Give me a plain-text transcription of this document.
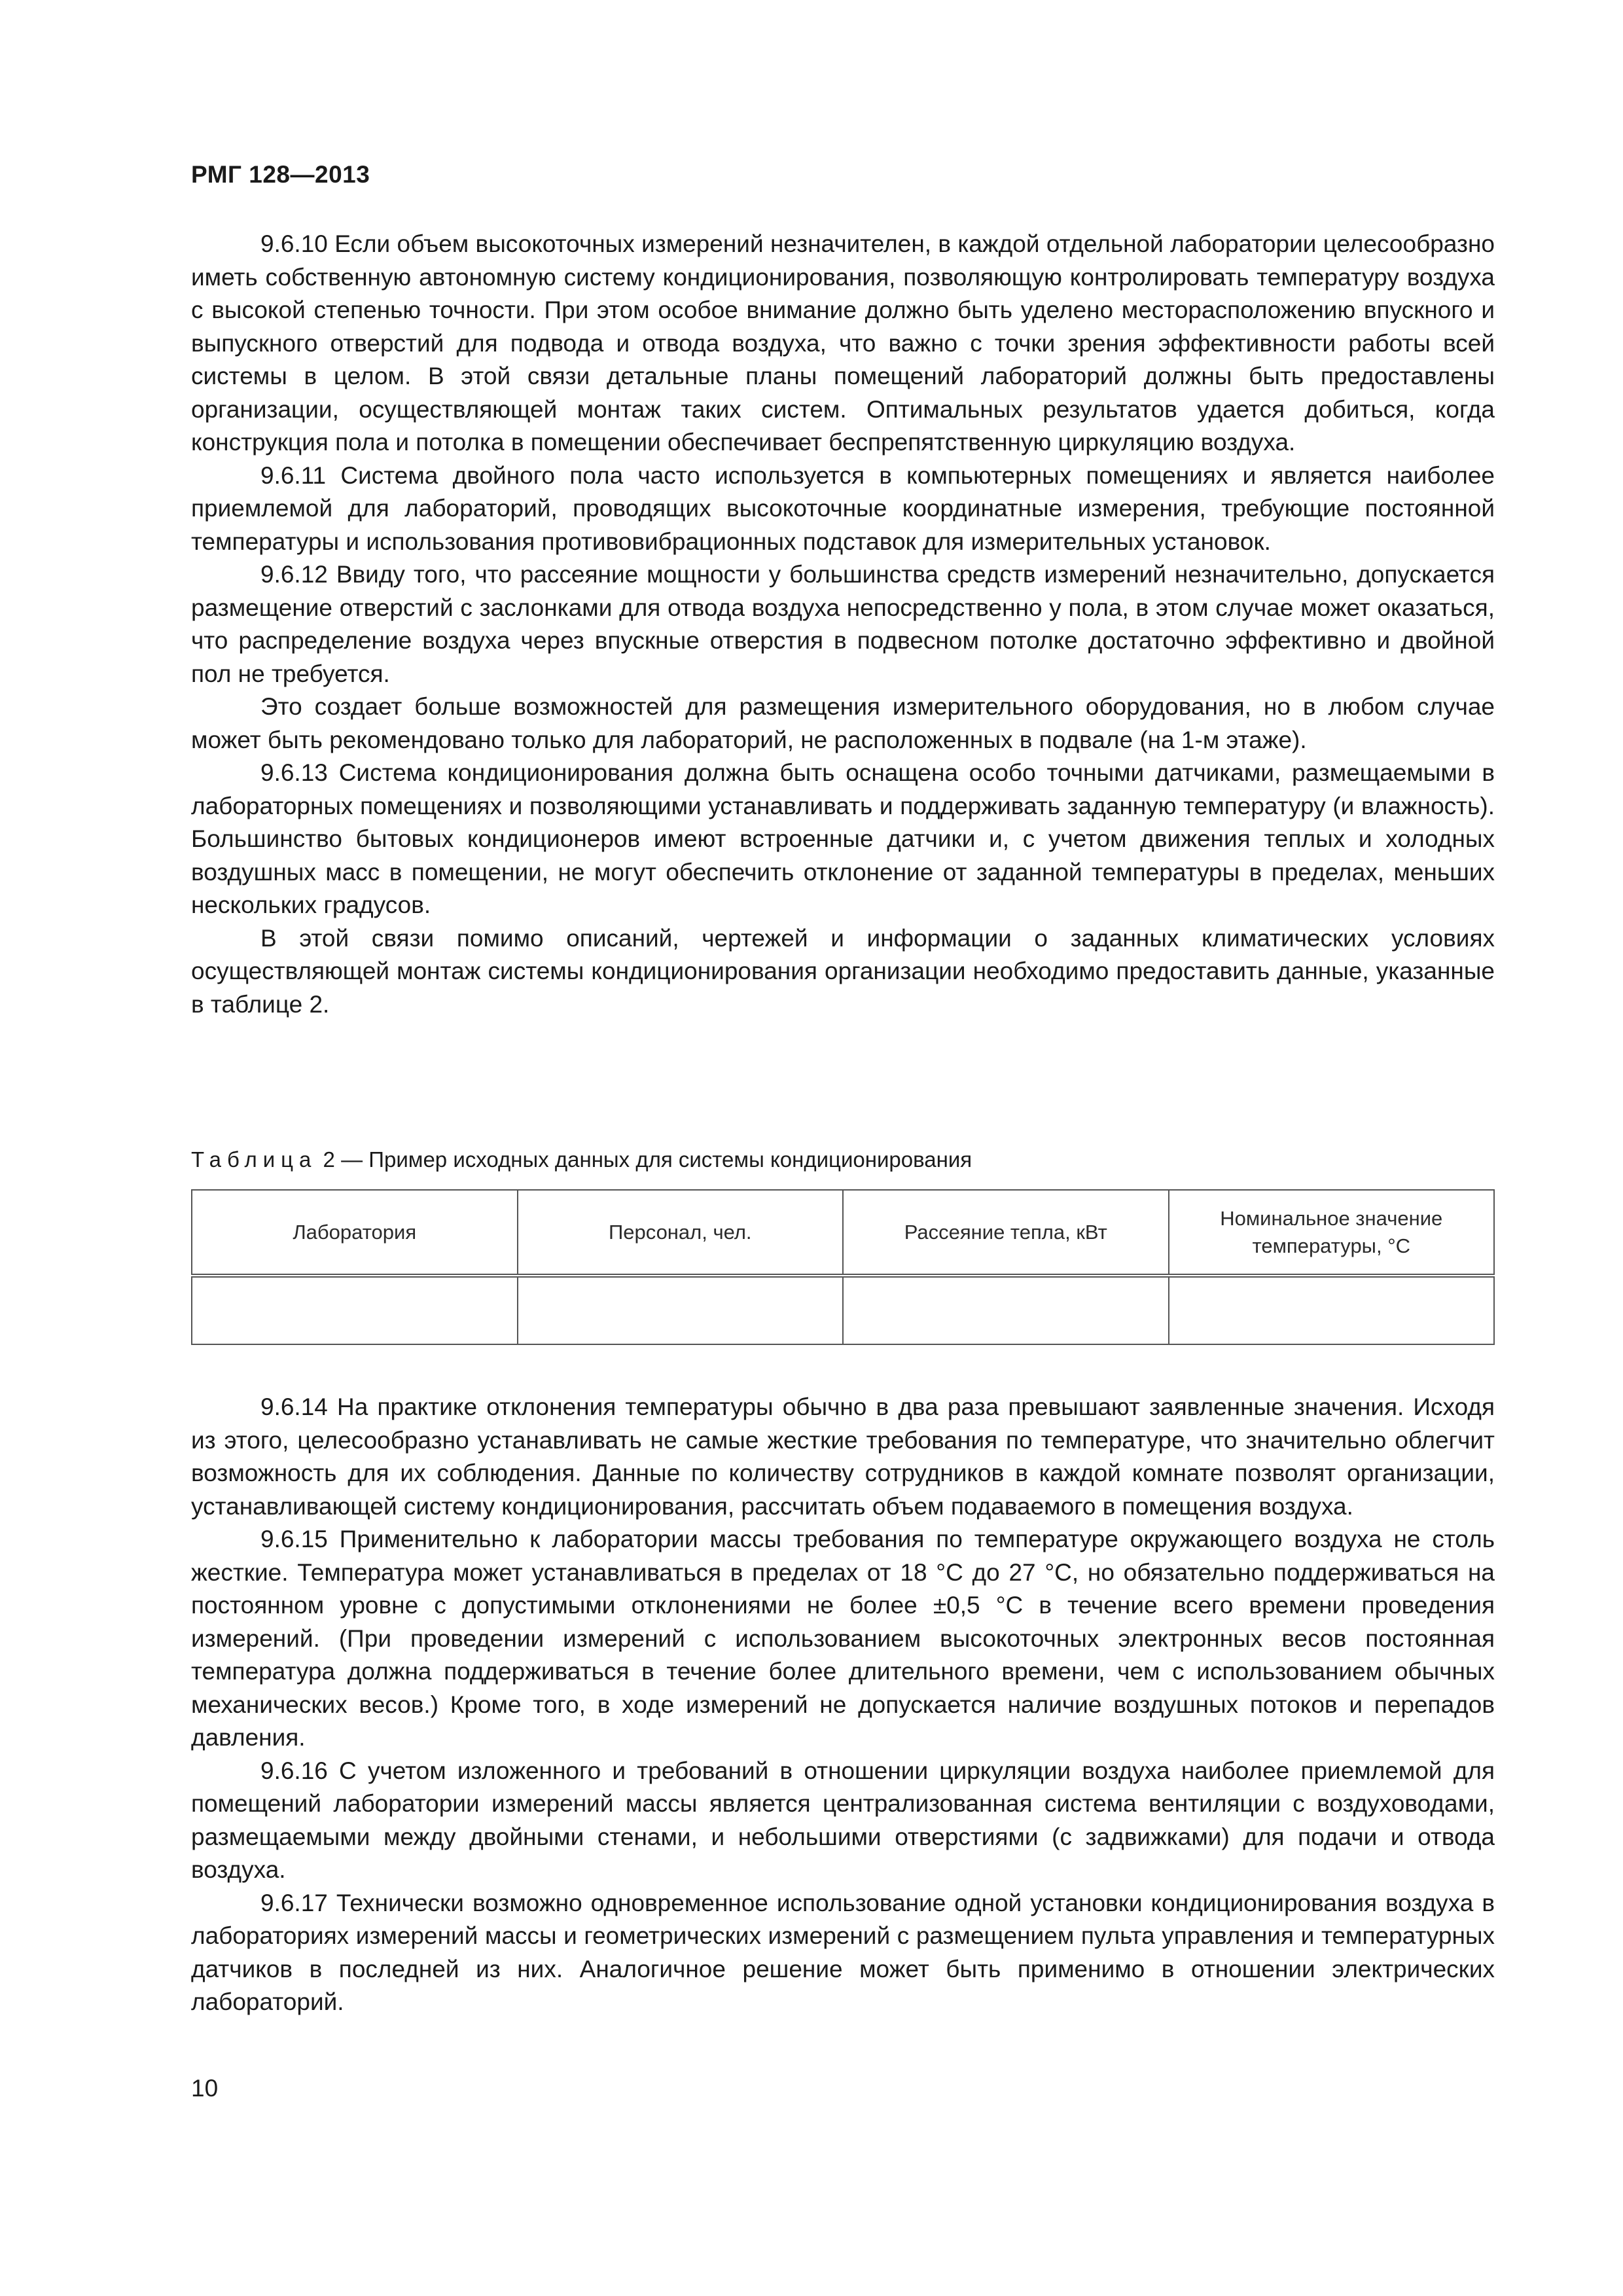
РМГ 128—2013

9.6.10 Если объем высокоточных измерений незначителен, в каждой отдельной лаборатории целесообразно иметь собственную автономную систему кондиционирования, позволяющую контролировать температуру воздуха с высокой степенью точности. При этом особое внимание должно быть уделено месторасположению впускного и выпускного отверстий для подвода и отвода воздуха, что важно с точки зрения эффективности работы всей системы в целом. В этой связи детальные планы помещений лабораторий должны быть предоставлены организации, осуществляющей монтаж таких систем. Оптимальных результатов удается добиться, когда конструкция пола и потолка в помещении обеспечивает беспрепятственную циркуляцию воздуха.

9.6.11 Система двойного пола часто используется в компьютерных помещениях и является наиболее приемлемой для лабораторий, проводящих высокоточные координатные измерения, требующие постоянной температуры и использования противовибрационных подставок для измерительных установок.

9.6.12 Ввиду того, что рассеяние мощности у большинства средств измерений незначительно, допускается размещение отверстий с заслонками для отвода воздуха непосредственно у пола, в этом случае может оказаться, что распределение воздуха через впускные отверстия в подвесном потолке достаточно эффективно и двойной пол не требуется.

Это создает больше возможностей для размещения измерительного оборудования, но в любом случае может быть рекомендовано только для лабораторий, не расположенных в подвале (на 1-м этаже).

9.6.13 Система кондиционирования должна быть оснащена особо точными датчиками, размещаемыми в лабораторных помещениях и позволяющими устанавливать и поддерживать заданную температуру (и влажность). Большинство бытовых кондиционеров имеют встроенные датчики и, с учетом движения теплых и холодных воздушных масс в помещении, не могут обеспечить отклонение от заданной температуры в пределах, меньших нескольких градусов.

В этой связи помимо описаний, чертежей и информации о заданных климатических условиях осуществляющей монтаж системы кондиционирования организации необходимо предоставить данные, указанные в таблице 2.

Таблица 2 — Пример исходных данных для системы кондиционирования
Лаборатория	Персонал, чел.	Рассеяние тепла, кВт	Номинальное значение температуры, °С

9.6.14 На практике отклонения температуры обычно в два раза превышают заявленные значения. Исходя из этого, целесообразно устанавливать не самые жесткие требования по температуре, что значительно облегчит возможность для их соблюдения. Данные по количеству сотрудников в каждой комнате позволят организации, устанавливающей систему кондиционирования, рассчитать объем подаваемого в помещения воздуха.

9.6.15 Применительно к лаборатории массы требования по температуре окружающего воздуха не столь жесткие. Температура может устанавливаться в пределах от 18 °С до 27 °С, но обязательно поддерживаться на постоянном уровне с допустимыми отклонениями не более ±0,5 °С в течение всего времени проведения измерений. (При проведении измерений с использованием высокоточных электронных весов постоянная температура должна поддерживаться в течение более длительного времени, чем с использованием обычных механических весов.) Кроме того, в ходе измерений не допускается наличие воздушных потоков и перепадов давления.

9.6.16 С учетом изложенного и требований в отношении циркуляции воздуха наиболее приемлемой для помещений лаборатории измерений массы является централизованная система вентиляции с воздуховодами, размещаемыми между двойными стенами, и небольшими отверстиями (с задвижками) для подачи и отвода воздуха.

9.6.17 Технически возможно одновременное использование одной установки кондиционирования воздуха в лабораториях измерений массы и геометрических измерений с размещением пульта управления и температурных датчиков в последней из них. Аналогичное решение может быть применимо в отношении электрических лабораторий.

10
